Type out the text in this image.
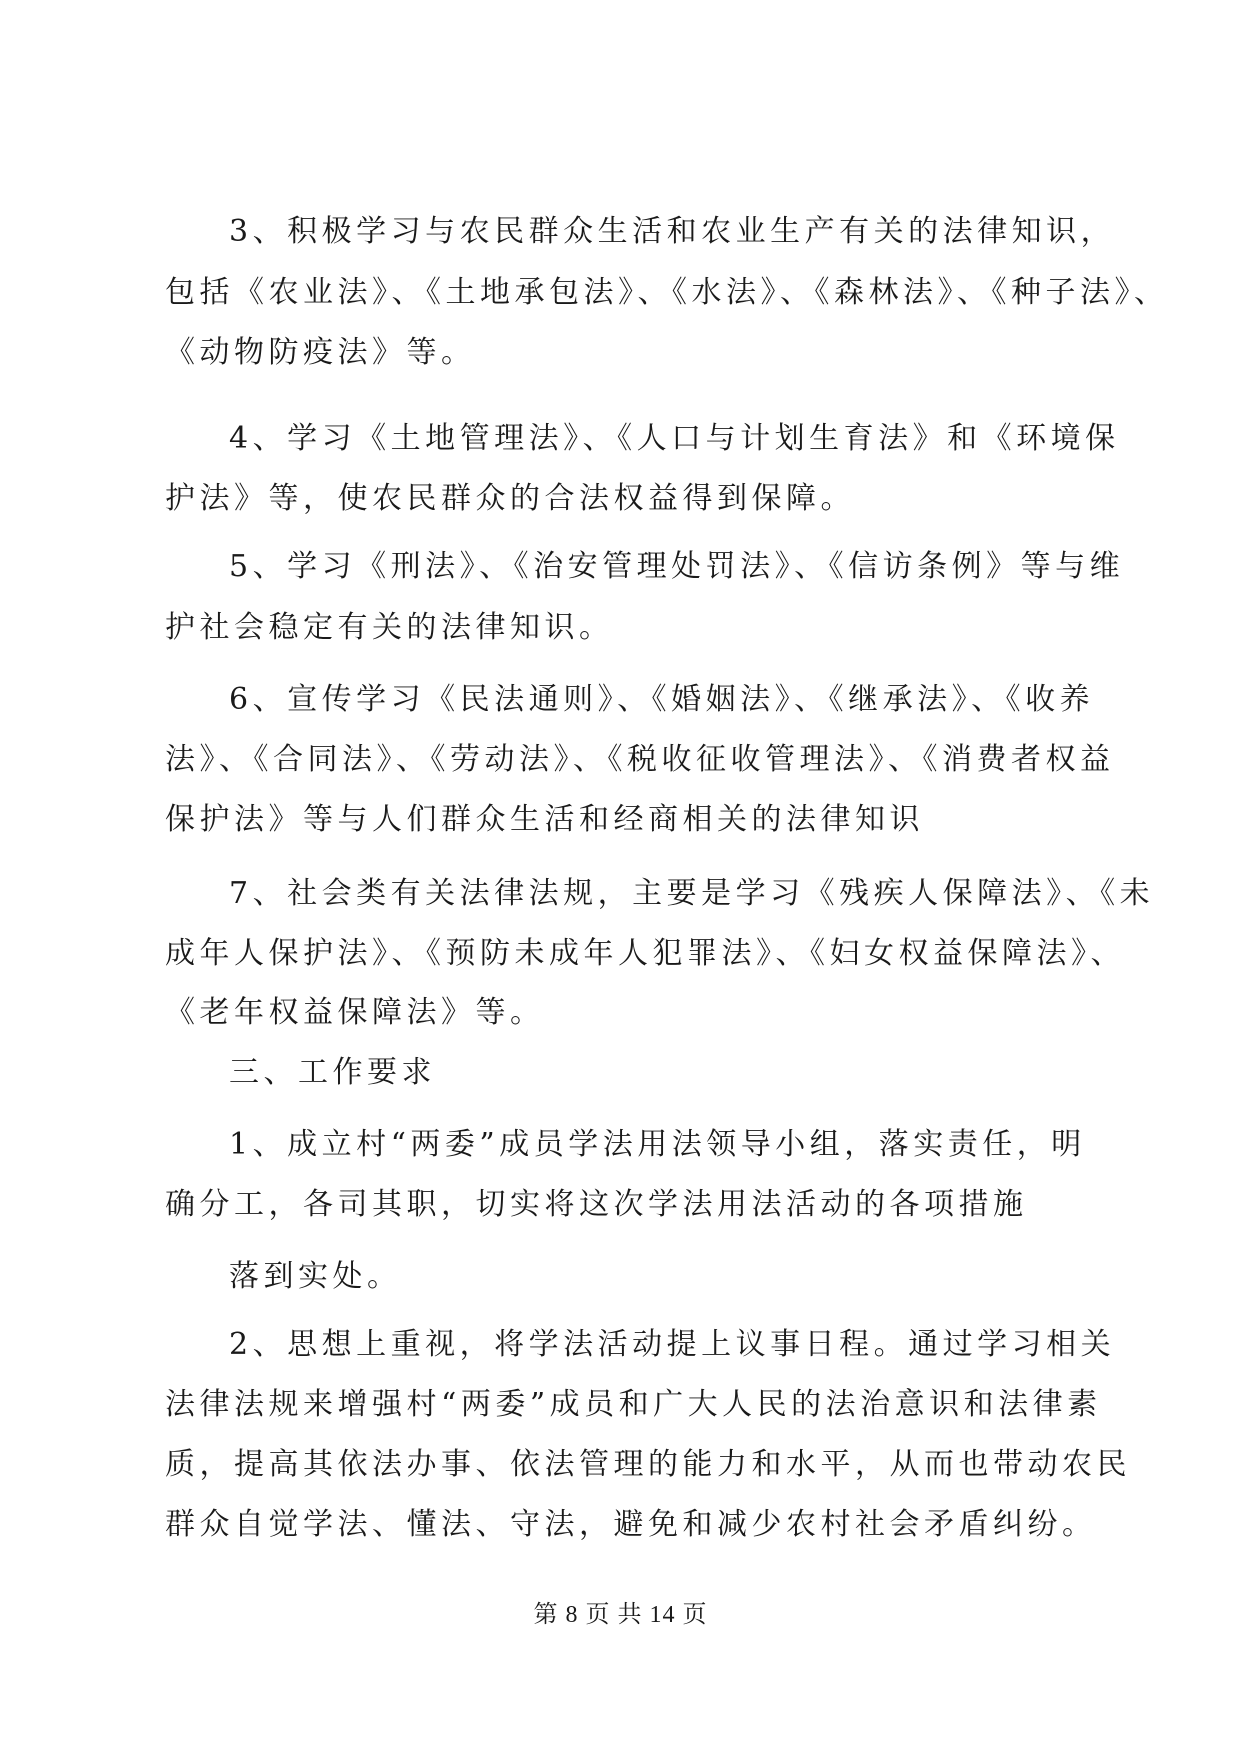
3、积极学习与农民群众生活和农业生产有关的法律知识，
包括《农业法》、《土地承包法》、《水法》、《森林法》、《种子法》、
《动物防疫法》等。
4、学习《土地管理法》、《人口与计划生育法》和《环境保
护法》等，使农民群众的合法权益得到保障。
5、学习《刑法》、《治安管理处罚法》、《信访条例》等与维
护社会稳定有关的法律知识。
6、宣传学习《民法通则》、《婚姻法》、《继承法》、《收养
法》、《合同法》、《劳动法》、《税收征收管理法》、《消费者权益
保护法》等与人们群众生活和经商相关的法律知识
7、社会类有关法律法规，主要是学习《残疾人保障法》、《未
成年人保护法》、《预防未成年人犯罪法》、《妇女权益保障法》、
《老年权益保障法》等。
三、工作要求
1、成立村“两委”成员学法用法领导小组，落实责任，明
确分工，各司其职，切实将这次学法用法活动的各项措施
落到实处。
2、思想上重视，将学法活动提上议事日程。通过学习相关
法律法规来增强村“两委”成员和广大人民的法治意识和法律素
质，提高其依法办事、依法管理的能力和水平，从而也带动农民
群众自觉学法、懂法、守法，避免和减少农村社会矛盾纠纷。
第 8 页 共 14 页
